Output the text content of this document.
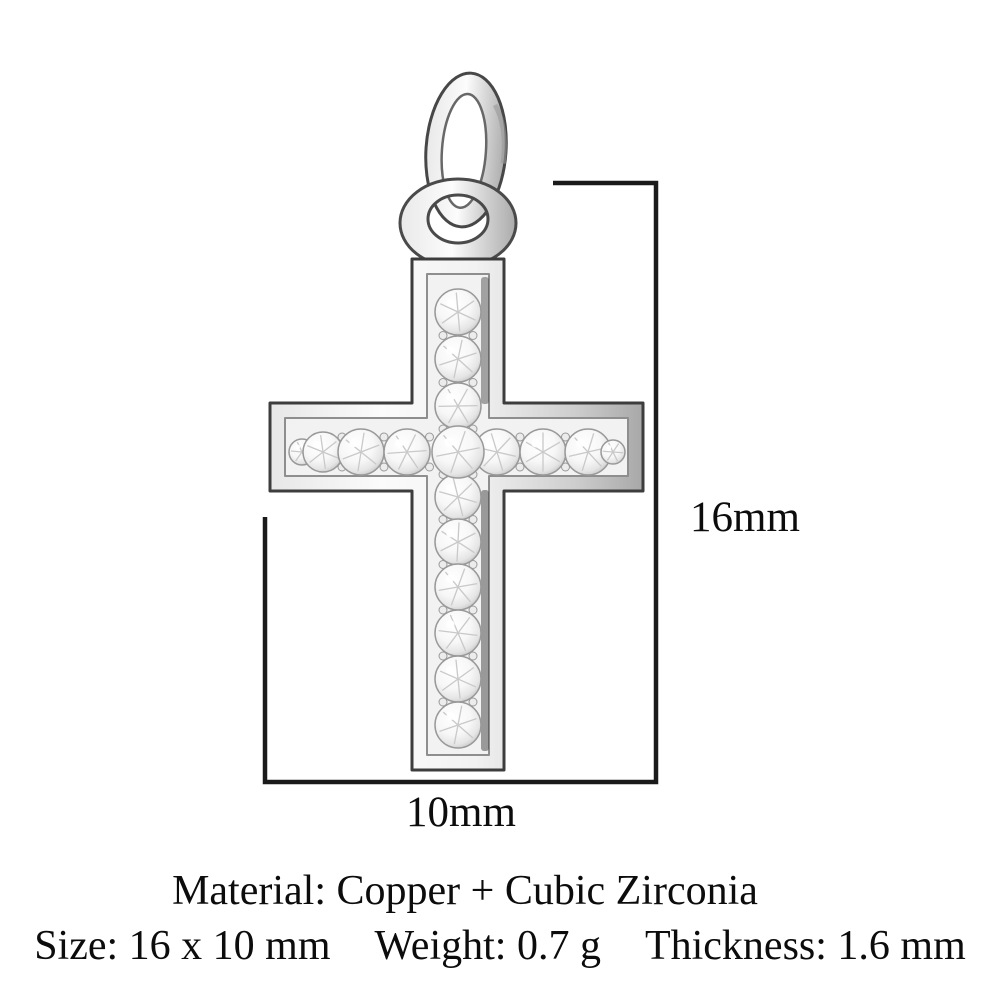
16mm
10mm
Material: Copper + Cubic Zirconia
Size: 16 x 10 mm Weight: 0.7 g Thickness: 1.6 mm
